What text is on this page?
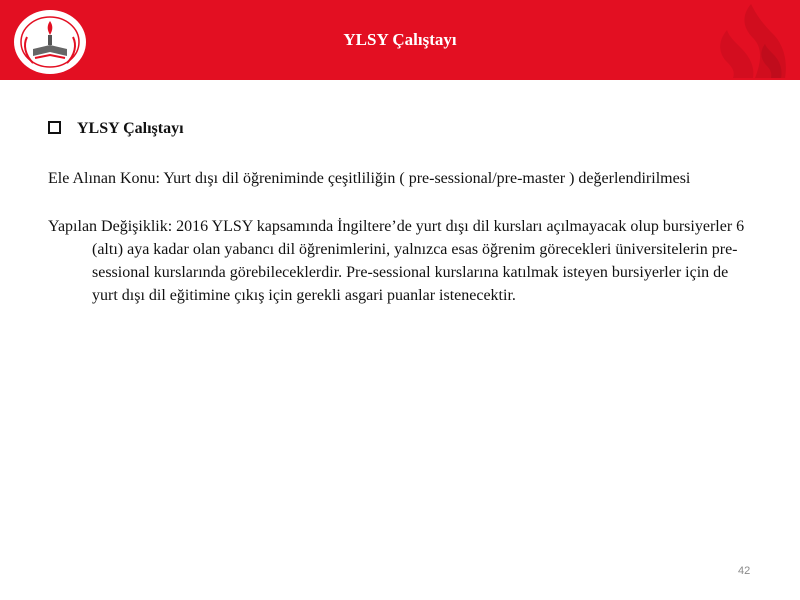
YLSY Çalıştayı
YLSY Çalıştayı

Ele Alınan Konu: Yurt dışı dil öğreniminde çeşitliliğin ( pre-sessional/pre-master ) değerlendirilmesi

Yapılan Değişiklik: 2016 YLSY kapsamında İngiltere’de yurt dışı dil kursları açılmayacak olup bursiyerler 6 (altı) aya kadar olan yabancı dil öğrenimlerini, yalnızca esas öğrenim görecekleri üniversitelerin pre-sessional kurslarında görebileceklerdir. Pre-sessional kurslarına katılmak isteyen bursiyerler için de yurt dışı dil eğitimine çıkış için gerekli asgari puanlar istenecektir.

42
